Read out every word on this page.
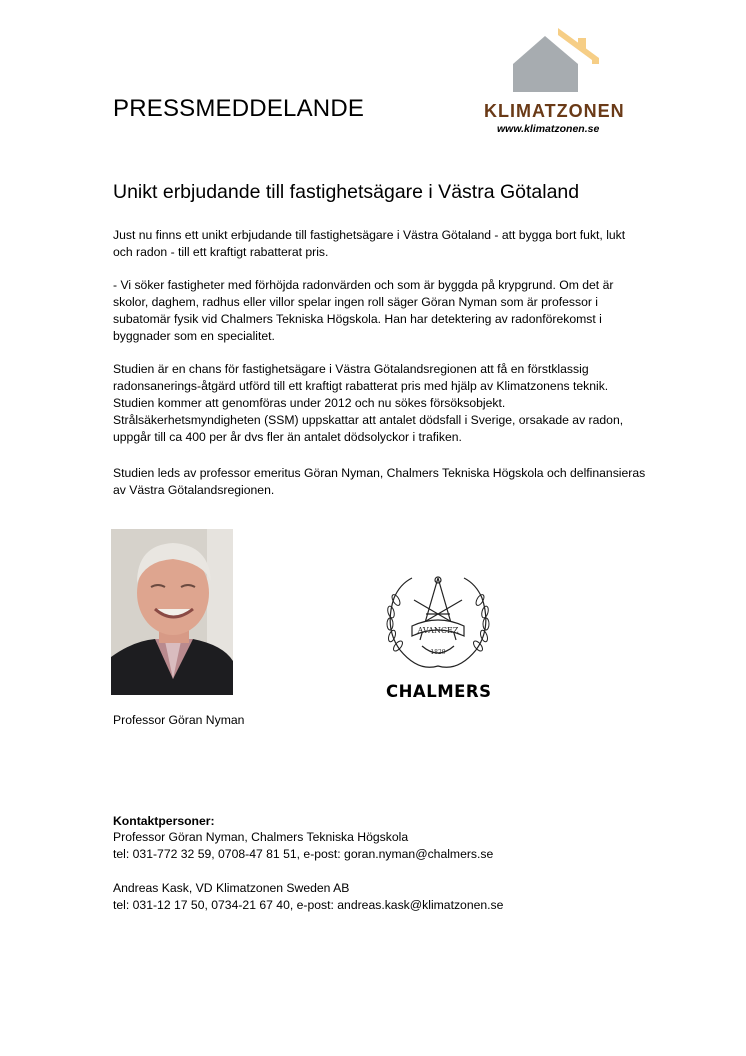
PRESSMEDDELANDE	KLIMATZONEN
www.klimatzonen.se
Unikt erbjudande till fastighetsägare i Västra Götaland
Just nu finns ett unikt erbjudande till fastighetsägare i Västra Götaland - att bygga bort fukt, lukt och radon - till ett kraftigt rabatterat pris.
- Vi söker fastigheter med förhöjda radonvärden och som är byggda på krypgrund. Om det är skolor, daghem, radhus eller villor spelar ingen roll säger Göran Nyman som är professor i subatomär fysik vid Chalmers Tekniska Högskola. Han har detektering av radonförekomst i byggnader som en specialitet.
Studien är en chans för fastighetsägare i Västra Götalandsregionen att få en förstklassig radonsanerings-åtgärd utförd till ett kraftigt rabatterat pris med hjälp av Klimatzonens teknik. Studien kommer att genomföras under 2012 och nu sökes försöksobjekt. Strålsäkerhetsmyndigheten (SSM) uppskattar att antalet dödsfall i Sverige, orsakade av radon, uppgår till ca 400 per år dvs fler än antalet dödsolyckor i trafiken.
Studien leds av professor emeritus Göran Nyman, Chalmers Tekniska Högskola och delfinansieras av Västra Götalandsregionen.
Professor Göran Nyman
AVANCEZ
1829
CHALMERS
Kontaktpersoner:
Professor Göran Nyman, Chalmers Tekniska Högskola
tel: 031-772 32 59, 0708-47 81 51, e-post: goran.nyman@chalmers.se
Andreas Kask, VD Klimatzonen Sweden AB
tel: 031-12 17 50, 0734-21 67 40, e-post: andreas.kask@klimatzonen.se
